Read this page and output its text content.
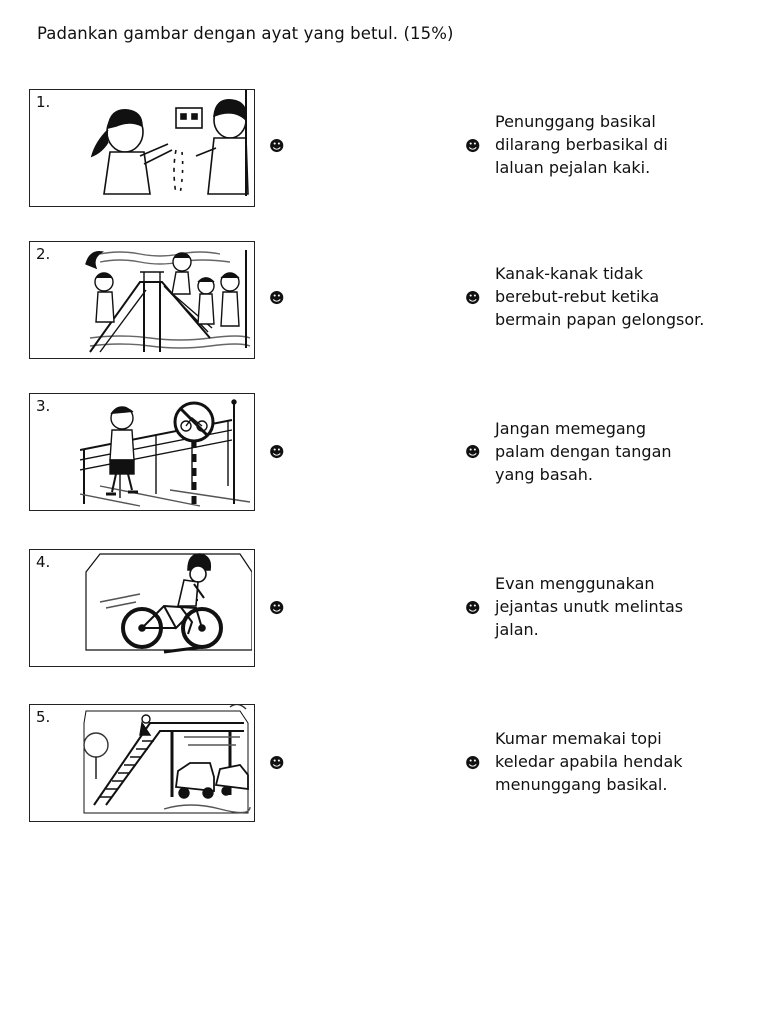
Padankan gambar dengan ayat yang betul. (15%)
1.
☻	☻
Penunggang basikal
dilarang berbasikal di
laluan pejalan kaki.
2.
☻	☻
Kanak-kanak tidak
berebut-rebut ketika
bermain papan gelongsor.
3.
☻	☻
Jangan memegang
palam dengan tangan
yang basah.
4.
☻	☻
Evan menggunakan
jejantas unutk melintas
jalan.
5.
☻	☻
Kumar memakai topi
keledar apabila hendak
menunggang basikal.
